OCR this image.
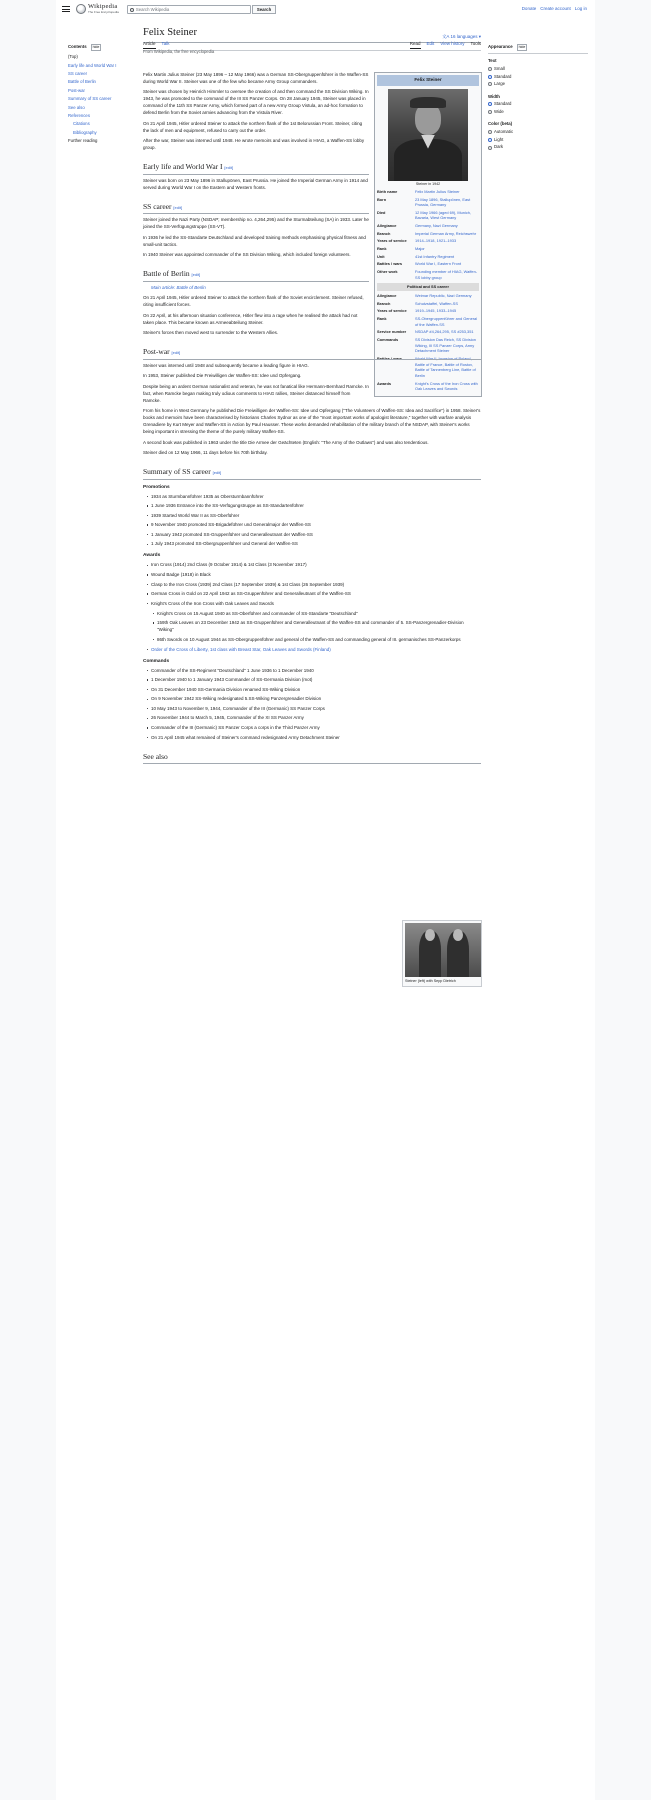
Wikipedia
The Free Encyclopedia
Search Wikipedia	Search	Donate Create account Log in
Contents	hide
(Top)
Early life and World War I
SS career
Battle of Berlin
Post-war
Summary of SS career
See also
References
Citations
Bibliography
Further reading
Felix Steiner	文A 16 languages ▾
Article Talk	Read Edit View history Tools
From Wikipedia, the free encyclopedia
Appearance	hide
Text
Small
Standard
Large
Width
Standard
Wide
Color (beta)
Automatic
Light
Dark
Felix Steiner
Steiner in 1942
Birth name	Felix Martin Julius Steiner
Born	23 May 1896, Stallupönen, East Prussia, Germany
Died	12 May 1966 (aged 69), Munich, Bavaria, West Germany
Allegiance	Germany, Nazi Germany
Branch	Imperial German Army, Reichswehr
Years of service	1914–1918, 1921–1933
Rank	Major
Unit	41st Infantry Regiment
Battles / wars	World War I, Eastern Front
Other work	Founding member of HIAG, Waffen-SS lobby group
Political and SS career
Allegiance	Weimar Republic, Nazi Germany
Branch	Schutzstaffel, Waffen-SS
Years of service	1919–1945, 1933–1945
Rank	SS-Obergruppenführer and General of the Waffen-SS
Service number	NSDAP #4,264,295, SS #253,351
Commands	SS Division Das Reich, SS Division Wiking, III SS Panzer Corps, Army Detachment Steiner
Battles / wars	World War II, Invasion of Poland, Battle of France, Battle of Rostov, Battle of Tannenberg Line, Battle of Berlin
Awards	Knight's Cross of the Iron Cross with Oak Leaves and Swords

Felix Martin Julius Steiner (23 May 1896 – 12 May 1966) was a German SS-Obergruppenführer in the Waffen-SS during World War II. Steiner was one of the few who became Army Group commanders.

Steiner was chosen by Heinrich Himmler to oversee the creation of and then command the SS Division Wiking. In 1943, he was promoted to the command of the III SS Panzer Corps. On 28 January 1945, Steiner was placed in command of the 11th SS Panzer Army, which formed part of a new Army Group Vistula, an ad-hoc formation to defend Berlin from the Soviet armies advancing from the Vistula River.

On 21 April 1945, Hitler ordered Steiner to attack the northern flank of the 1st Belorussian Front. Steiner, citing the lack of men and equipment, refused to carry out the order.

After the war, Steiner was interned until 1948. He wrote memoirs and was involved in HIAG, a Waffen-SS lobby group.

Early life and World War I [edit]

Steiner was born on 23 May 1896 in Stallupönen, East Prussia. He joined the Imperial German Army in 1914 and served during World War I on the Eastern and Western fronts.

SS career [edit]

Steiner joined the Nazi Party (NSDAP; membership no. 4,264,295) and the Sturmabteilung (SA) in 1933. Later he joined the SS-Verfügungstruppe (SS-VT).

In 1936 he led the SS-Standarte Deutschland and developed training methods emphasising physical fitness and small-unit tactics.

In 1940 Steiner was appointed commander of the SS Division Wiking, which included foreign volunteers.

Battle of Berlin [edit]

Main article: Battle of Berlin

On 21 April 1945, Hitler ordered Steiner to attack the northern flank of the Soviet encirclement. Steiner refused, citing insufficient forces.

On 22 April, at his afternoon situation conference, Hitler flew into a rage when he realised the attack had not taken place. This became known as Armeeabteilung Steiner.

Steiner's forces then moved west to surrender to the Western Allies.

Post-war [edit]

Steiner was interned until 1948 and subsequently became a leading figure in HIAG.

In 1953, Steiner published Die Freiwilligen der Waffen-SS: Idee und Opfergang.

Despite being an ardent German nationalist and veteran, he was not fanatical like Hermann-Bernhard Ramcke. In fact, when Ramcke began making truly odious comments to HIAG rallies, Steiner distanced himself from Ramcke.

From his home in West Germany he published Die Freiwilligen der Waffen-SS: Idee und Opfergang ("The Volunteers of Waffen-SS: Idea and Sacrifice") in 1958. Steiner's books and memoirs have been characterised by historians Charles Sydnor as one of the "most important works of apologist literature," together with warfare analysis Grenadiere by Kurt Meyer and Waffen-SS in Action by Paul Hausser. These works demanded rehabilitation of the military branch of the NSDAP, with Steiner's works being important in stressing the theme of the purely military Waffen-SS.

A second book was published in 1963 under the title Die Armee der Geächteten (English: "The Army of the Outlaws") and was also tendentious.

Steiner died on 12 May 1966, 11 days before his 70th birthday.

Summary of SS career [edit]
Promotions
1934 as Sturmbannführer 1935 as Obersturmbannführer
1 June 1936 Entrance into the SS-Verfügungstruppe as SS-Standartenführer
1939 Started World War II as SS-Oberführer
9 November 1940 promoted SS-Brigadeführer und Generalmajor der Waffen-SS
1 January 1942 promoted SS-Gruppenführer und Generalleutnant der Waffen-SS
1 July 1943 promoted SS-Obergruppenführer und General der Waffen-SS
Awards
Iron Cross (1914) 2nd Class (9 October 1914) & 1st Class (3 November 1917)
Wound Badge (1918) in Black
Clasp to the Iron Cross (1939) 2nd Class (17 September 1939) & 1st Class (26 September 1939)
German Cross in Gold on 22 April 1942 as SS-Gruppenführer and Generalleutnant of the Waffen-SS
Knight's Cross of the Iron Cross with Oak Leaves and Swords
Knight's Cross on 15 August 1940 as SS-Oberführer and commander of SS-Standarte "Deutschland"
159th Oak Leaves on 23 December 1942 as SS-Gruppenführer and Generalleutnant of the Waffen-SS and commander of 5. SS-Panzergrenadier-Division "Wiking"
86th Swords on 10 August 1944 as SS-Obergruppenführer and general of the Waffen-SS and commanding general of III. germanisches SS-Panzerkorps
Order of the Cross of Liberty, 1st class with Breast Star, Oak Leaves and Swords (Finland)
Commands
Commander of the SS-Regiment "Deutschland" 1 June 1936 to 1 December 1940
1 December 1940 to 1 January 1943 Commander of SS-Germania Division (mot)
On 31 December 1940 SS-Germania Division renamed SS-Wiking Division
On 9 November 1942 SS-Wiking redesignated 5.SS-Wiking Panzergrenadier Division
10 May 1943 to November 9, 1944, Commander of the III (Germanic) SS Panzer Corps
26 November 1944 to March 5, 1945, Commander of the XI SS Panzer Army
Commander of the III (Germanic) SS Panzer Corps a corps in the Third Panzer Army
On 21 April 1945 what remained of Steiner's command redesignated Army Detachment Steiner
See also
Steiner (left) with Sepp Dietrich
